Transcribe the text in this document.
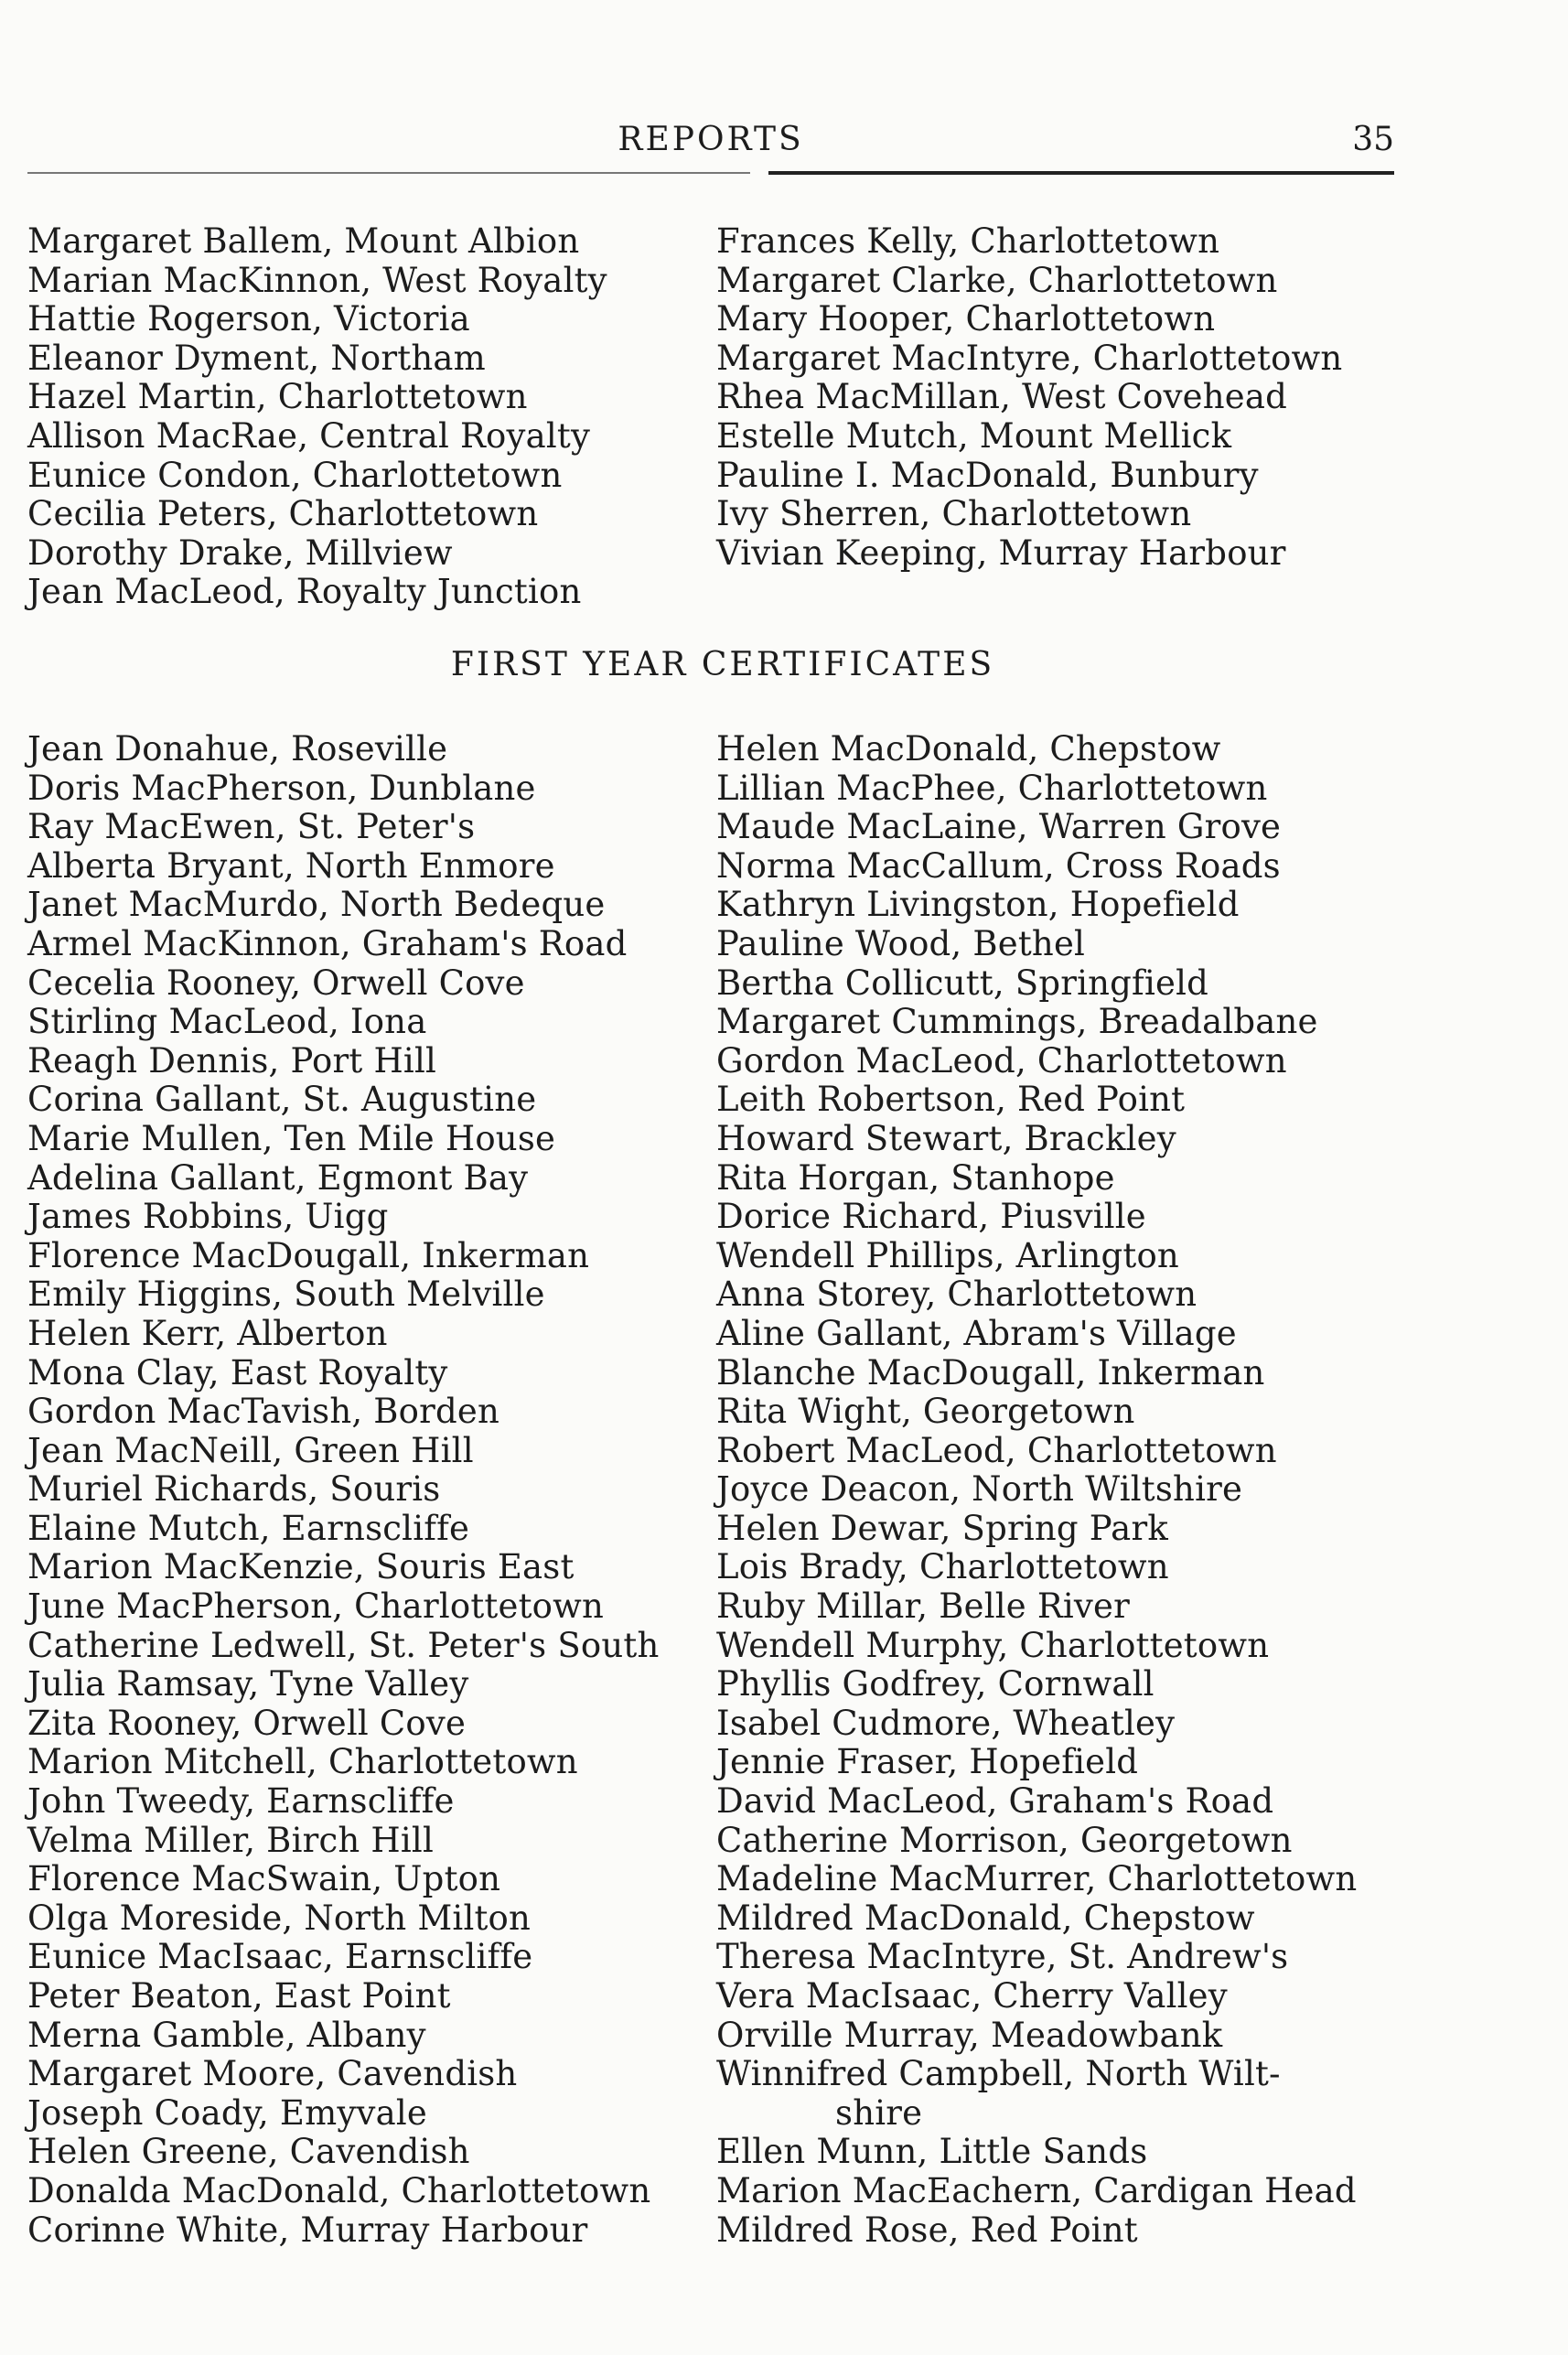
REPORTS	35
Margaret Ballem, Mount Albion
Marian MacKinnon, West Royalty
Hattie Rogerson, Victoria
Eleanor Dyment, Northam
Hazel Martin, Charlottetown
Allison MacRae, Central Royalty
Eunice Condon, Charlottetown
Cecilia Peters, Charlottetown
Dorothy Drake, Millview
Jean MacLeod, Royalty Junction
Frances Kelly, Charlottetown
Margaret Clarke, Charlottetown
Mary Hooper, Charlottetown
Margaret MacIntyre, Charlottetown
Rhea MacMillan, West Covehead
Estelle Mutch, Mount Mellick
Pauline I. MacDonald, Bunbury
Ivy Sherren, Charlottetown
Vivian Keeping, Murray Harbour
FIRST YEAR CERTIFICATES
Jean Donahue, Roseville
Doris MacPherson, Dunblane
Ray MacEwen, St. Peter's
Alberta Bryant, North Enmore
Janet MacMurdo, North Bedeque
Armel MacKinnon, Graham's Road
Cecelia Rooney, Orwell Cove
Stirling MacLeod, Iona
Reagh Dennis, Port Hill
Corina Gallant, St. Augustine
Marie Mullen, Ten Mile House
Adelina Gallant, Egmont Bay
James Robbins, Uigg
Florence MacDougall, Inkerman
Emily Higgins, South Melville
Helen Kerr, Alberton
Mona Clay, East Royalty
Gordon MacTavish, Borden
Jean MacNeill, Green Hill
Muriel Richards, Souris
Elaine Mutch, Earnscliffe
Marion MacKenzie, Souris East
June MacPherson, Charlottetown
Catherine Ledwell, St. Peter's South
Julia Ramsay, Tyne Valley
Zita Rooney, Orwell Cove
Marion Mitchell, Charlottetown
John Tweedy, Earnscliffe
Velma Miller, Birch Hill
Florence MacSwain, Upton
Olga Moreside, North Milton
Eunice MacIsaac, Earnscliffe
Peter Beaton, East Point
Merna Gamble, Albany
Margaret Moore, Cavendish
Joseph Coady, Emyvale
Helen Greene, Cavendish
Donalda MacDonald, Charlottetown
Corinne White, Murray Harbour
Helen MacDonald, Chepstow
Lillian MacPhee, Charlottetown
Maude MacLaine, Warren Grove
Norma MacCallum, Cross Roads
Kathryn Livingston, Hopefield
Pauline Wood, Bethel
Bertha Collicutt, Springfield
Margaret Cummings, Breadalbane
Gordon MacLeod, Charlottetown
Leith Robertson, Red Point
Howard Stewart, Brackley
Rita Horgan, Stanhope
Dorice Richard, Piusville
Wendell Phillips, Arlington
Anna Storey, Charlottetown
Aline Gallant, Abram's Village
Blanche MacDougall, Inkerman
Rita Wight, Georgetown
Robert MacLeod, Charlottetown
Joyce Deacon, North Wiltshire
Helen Dewar, Spring Park
Lois Brady, Charlottetown
Ruby Millar, Belle River
Wendell Murphy, Charlottetown
Phyllis Godfrey, Cornwall
Isabel Cudmore, Wheatley
Jennie Fraser, Hopefield
David MacLeod, Graham's Road
Catherine Morrison, Georgetown
Madeline MacMurrer, Charlottetown
Mildred MacDonald, Chepstow
Theresa MacIntyre, St. Andrew's
Vera MacIsaac, Cherry Valley
Orville Murray, Meadowbank
Winnifred Campbell, North Wilt-
shire
Ellen Munn, Little Sands
Marion MacEachern, Cardigan Head
Mildred Rose, Red Point
